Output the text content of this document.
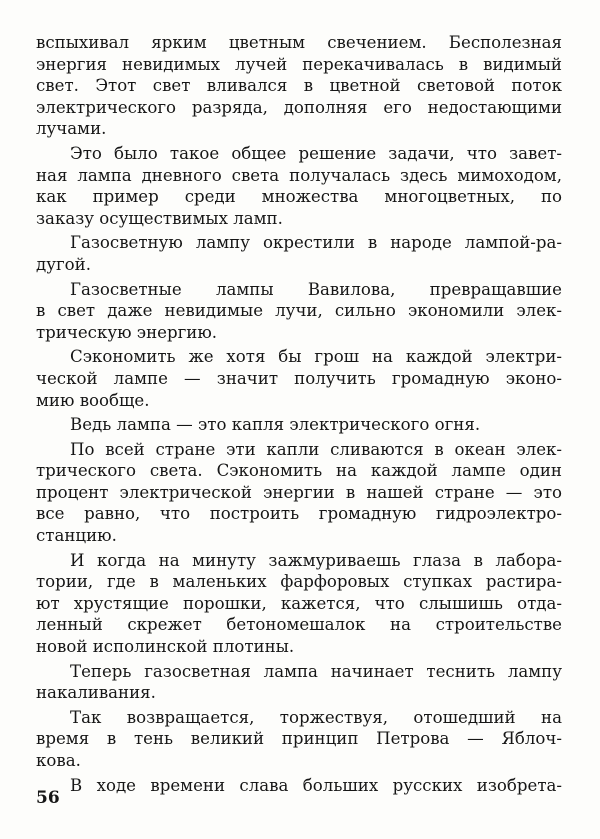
вспыхивал ярким цветным свечением. Бесполезная
энергия невидимых лучей перекачивалась в видимый
свет. Этот свет вливался в цветной световой поток
электрического разряда, дополняя его недостающими
лучами.
Это было такое общее решение задачи, что завет-
ная лампа дневного света получалась здесь мимоходом,
как пример среди множества многоцветных, по
заказу осуществимых ламп.
Газосветную лампу окрестили в народе лампой-ра-
дугой.
Газосветные лампы Вавилова, превращавшие
в свет даже невидимые лучи, сильно экономили элек-
трическую энергию.
Сэкономить же хотя бы грош на каждой электри-
ческой лампе — значит получить громадную эконо-
мию вообще.
Ведь лампа — это капля электрического огня.
По всей стране эти капли сливаются в океан элек-
трического света. Сэкономить на каждой лампе один
процент электрической энергии в нашей стране — это
все равно, что построить громадную гидроэлектро-
станцию.
И когда на минуту зажмуриваешь глаза в лабора-
тории, где в маленьких фарфоровых ступках растира-
ют хрустящие порошки, кажется, что слышишь отда-
ленный скрежет бетономешалок на строительстве
новой исполинской плотины.
Теперь газосветная лампа начинает теснить лампу
накаливания.
Так возвращается, торжествуя, отошедший на
время в тень великий принцип Петрова — Яблоч-
кова.
В ходе времени слава больших русских изобрета-
56
